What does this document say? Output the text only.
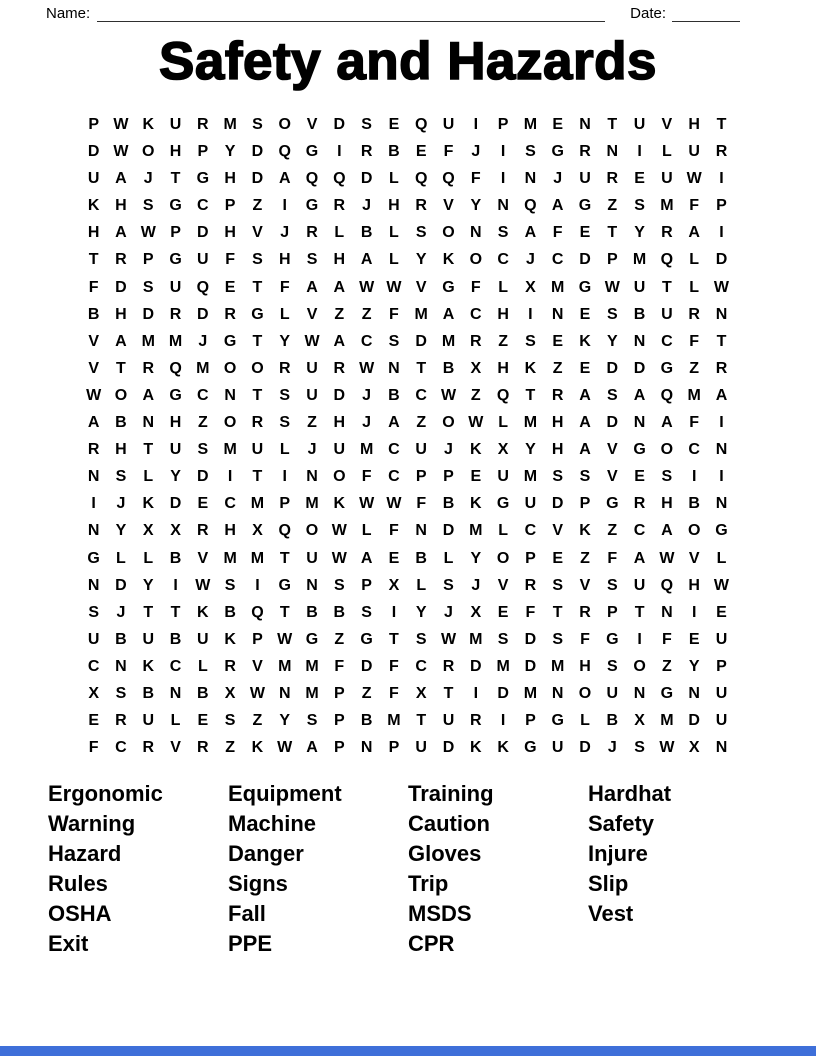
Name:	Date:
Safety and Hazards
P W K U R M S O V	D	S	E Q U	I	P M E	N	T	U	V	H	T
D W O H	P	Y	D Q G	I	R B	E	F	J	I	S G R N	I	L	U R
U A	J	T	G H D A Q Q D	L	Q Q	F	I	N	J	U R	E	U W	I
K H	S G C	P	Z	I	G R	J	H R	V	Y	N Q A G	Z	S M F	P
H A W P	D H	V	J	R	L	B	L	S O N	S	A	F	E	T	Y	R A	I
T	R	P G U	F	S	H	S	H A	L	Y	K O C	J	C D	P M Q	L	D
F	D	S	U Q E	T	F	A A W W V G	F	L	X M G W U	T	L W
B H D R D R G	L	V	Z	Z	F M A C H	I	N	E	S	B U R N
V	A M M	J	G	T	Y W A C	S	D M R	Z	S	E	K	Y	N C	F	T
V	T	R Q M O O R U R W N	T	B	X	H K	Z	E	D D G	Z	R
W O A G C N	T	S	U D	J	B C W Z	Q	T	R A	S	A Q M A
A B N H	Z	O R	S	Z	H	J	A	Z	O W L M H A D N A	F	I
R H	T	U	S M U	L	J	U M C U	J	K	X	Y	H A	V G O C N
N	S	L	Y	D	I	T	I	N O	F	C	P	P	E	U M S	S	V	E	S	I	I
I	J	K D	E	C M P M K W W F	B K G U D	P G R H B N
N	Y	X	X	R H	X Q O W L	F	N D M L	C	V	K	Z	C A O G
G	L	L	B	V M M T	U W A	E	B	L	Y O P	E	Z	F	A W V	L
N D	Y	I	W S	I	G N	S	P	X	L	S	J	V	R	S	V	S	U Q H W
S	J	T	T	K B Q	T	B B	S	I	Y	J	X	E	F	T	R	P	T	N	I	E
U B U B U K	P W G	Z	G	T	S W M S	D	S	F	G	I	F	E	U
C N K C	L	R	V M M F	D	F	C R D M D M H	S O	Z	Y	P
X	S	B N B	X W N M P	Z	F	X	T	I	D M N O U N G N U
E	R U	L	E	S	Z	Y	S	P	B M T	U R	I	P G	L	B	X M D U
F	C R	V	R	Z	K W A	P	N	P	U D K K G U D	J	S W X	N
Ergonomic
Warning
Hazard
Rules
OSHA
Exit
Equipment
Machine
Danger
Signs
Fall
PPE
Training
Caution
Gloves
Trip
MSDS
CPR
Hardhat
Safety
Injure
Slip
Vest
